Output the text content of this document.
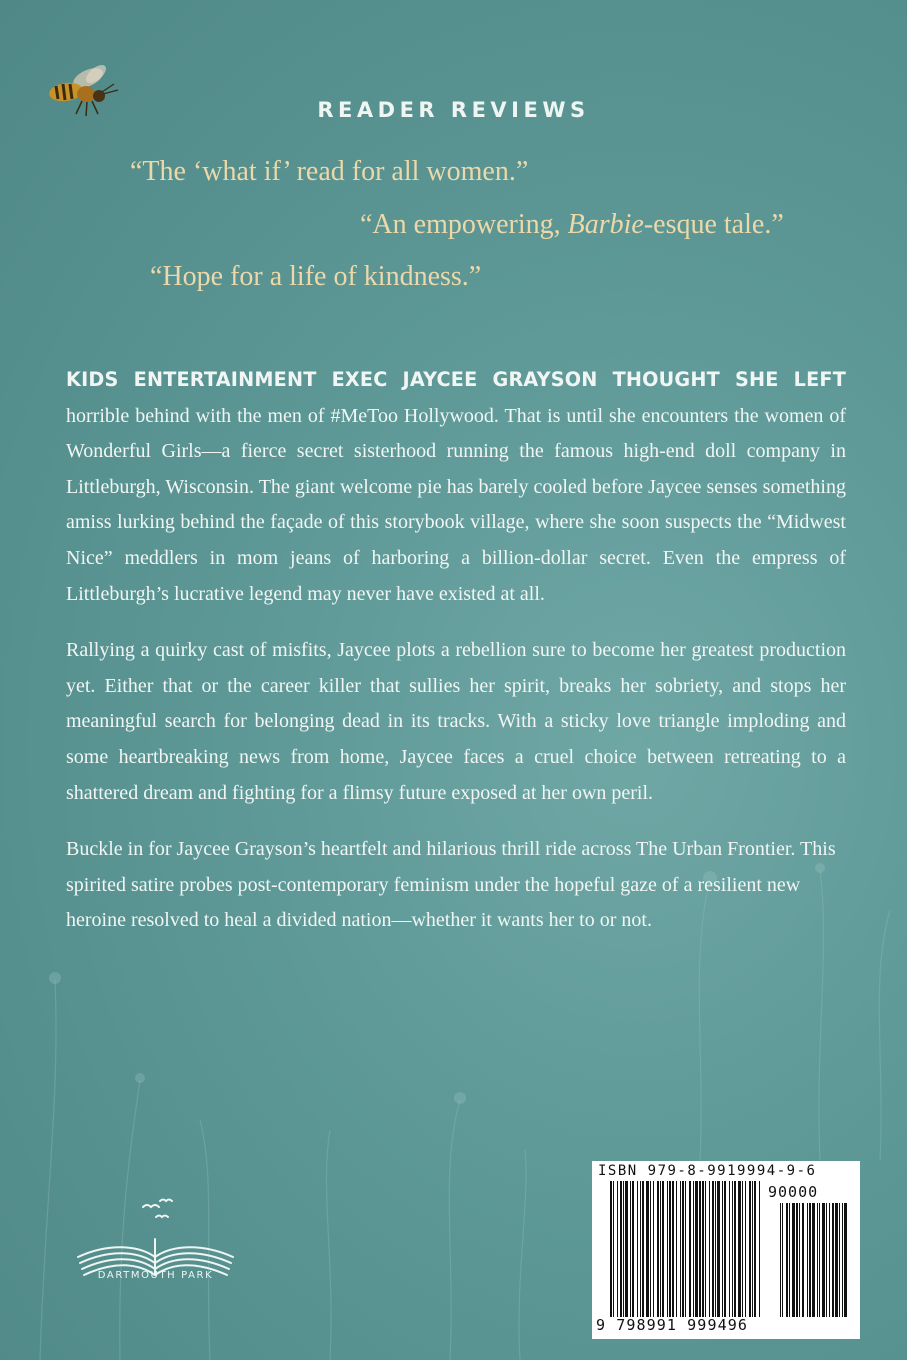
READER REVIEWS
“The ‘what if’ read for all women.”
“An empowering, Barbie-esque tale.”
“Hope for a life of kindness.”

KIDS ENTERTAINMENT EXEC JAYCEE GRAYSON THOUGHT SHE LEFT horrible behind with the men of #MeToo Hollywood. That is until she encounters the women of Wonderful Girls—a fierce secret sisterhood running the famous high-end doll company in Littleburgh, Wisconsin. The giant welcome pie has barely cooled before Jaycee senses something amiss lurking behind the façade of this storybook village, where she soon suspects the “Midwest Nice” meddlers in mom jeans of harboring a billion-dollar secret. Even the empress of Littleburgh’s lucrative legend may never have existed at all.

Rallying a quirky cast of misfits, Jaycee plots a rebellion sure to become her greatest production yet. Either that or the career killer that sullies her spirit, breaks her sobriety, and stops her meaningful search for belonging dead in its tracks. With a sticky love triangle imploding and some heartbreaking news from home, Jaycee faces a cruel choice between retreating to a shattered dream and fighting for a flimsy future exposed at her own peril.

Buckle in for Jaycee Grayson’s heartfelt and hilarious thrill ride across The Urban Frontier. This spirited satire probes post-contemporary feminism under the hopeful gaze of a resilient new heroine resolved to heal a divided nation—whether it wants her to or not.

DARTMOUTH PARK
ISBN 979-8-9919994-9-6
90000
9 798991 999496
